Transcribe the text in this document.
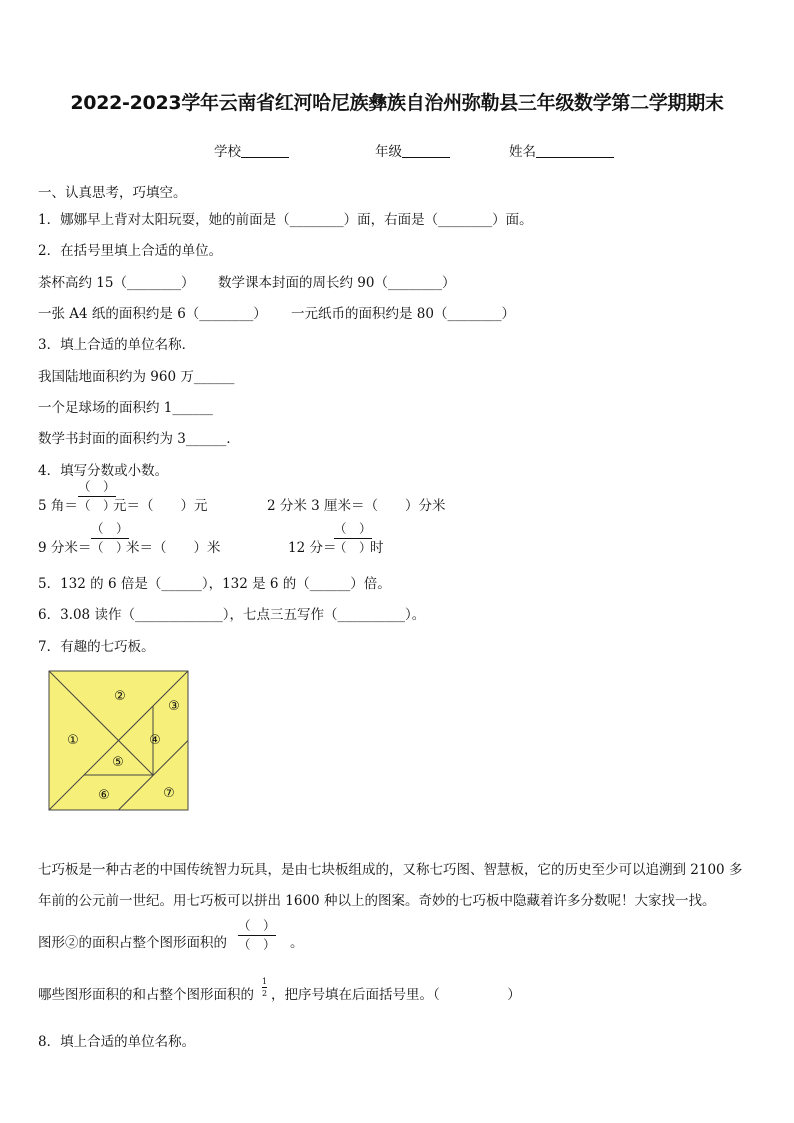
2022-2023学年云南省红河哈尼族彝族自治州弥勒县三年级数学第二学期期末
学校	年级	姓名
一、认真思考，巧填空。
1．娜娜早上背对太阳玩耍，她的前面是（________）面，右面是（________）面。
2．在括号里填上合适的单位。
茶杯高约 15（________） 数学课本封面的周长约 90（________）
一张 A4 纸的面积约是 6（________） 一元纸币的面积约是 80（________）
3．填上合适的单位名称．
我国陆地面积约为 960 万______
一个足球场的面积约 1______
数学书封面的面积约为 3______．
4．填写分数或小数。
5 角＝
（　）
（　）
元＝（　　）元	2 分米 3 厘米＝（　　）分米
9 分米＝
（　）
（　）
米＝（　　）米	12 分＝
（　）
（　）
时
5．132 的 6 倍是（______），132 是 6 的（______）倍。
6．3.08 读作（_____________），七点三五写作（__________）。
7．有趣的七巧板。
②
③
①	④
⑤
⑥	⑦
七巧板是一种古老的中国传统智力玩具，是由七块板组成的，又称七巧图、智慧板，它的历史至少可以追溯到 2100 多
年前的公元前一世纪。用七巧板可以拼出 1600 种以上的图案。奇妙的七巧板中隐藏着许多分数呢！大家找一找。
图形②的面积占整个图形面积的
（　）
（　） 。
哪些图形面积的和占整个图形面积的
1
2 ，把序号填在后面括号里。（　　　　　）
8．填上合适的单位名称。
